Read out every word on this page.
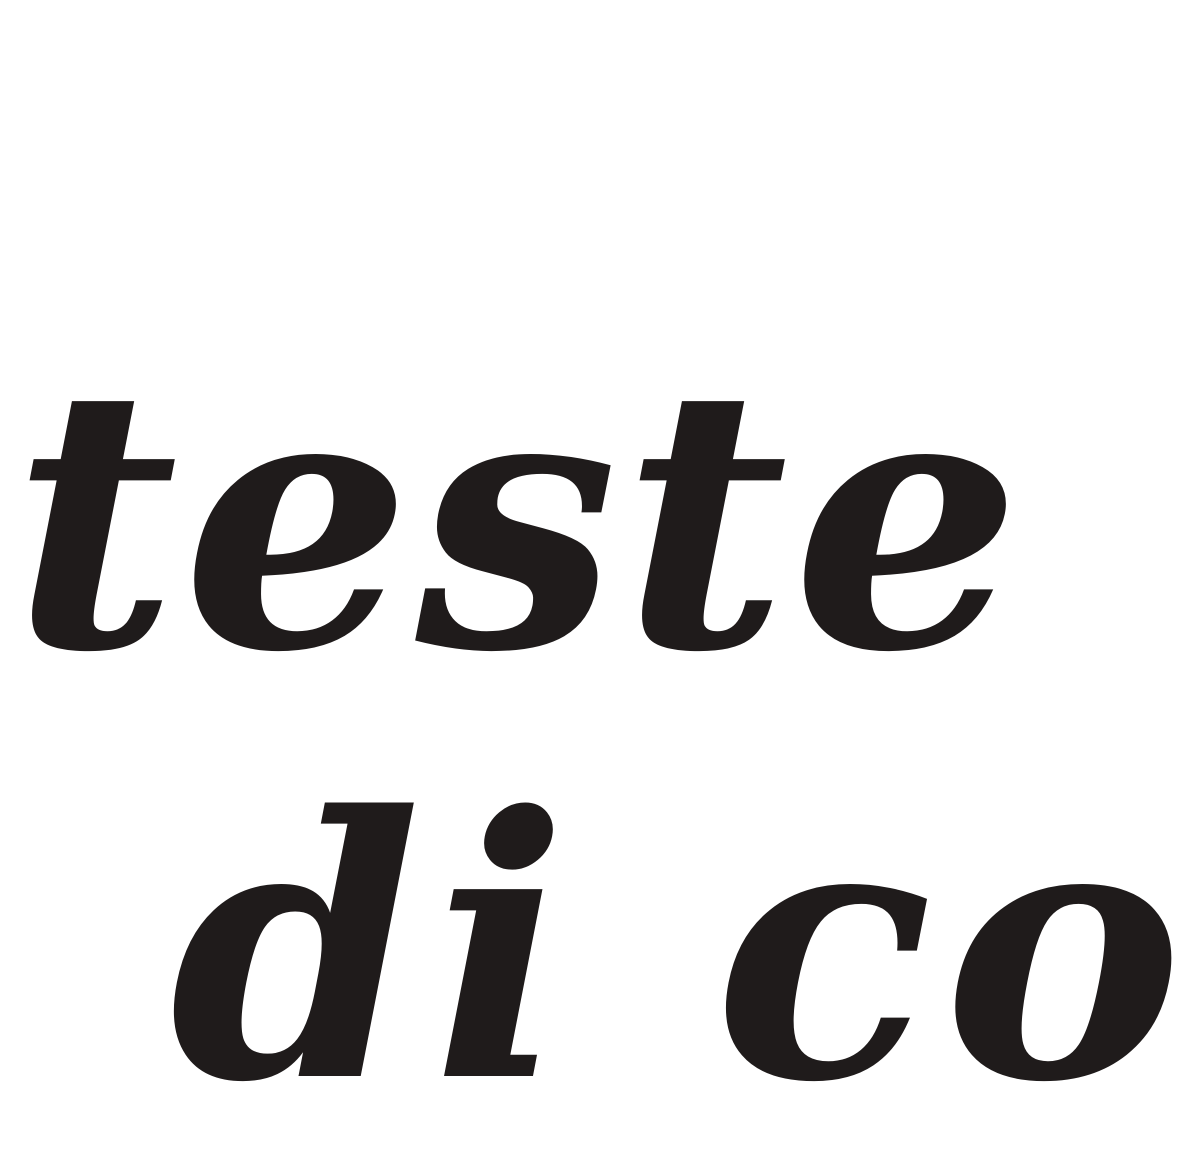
teste
di co
